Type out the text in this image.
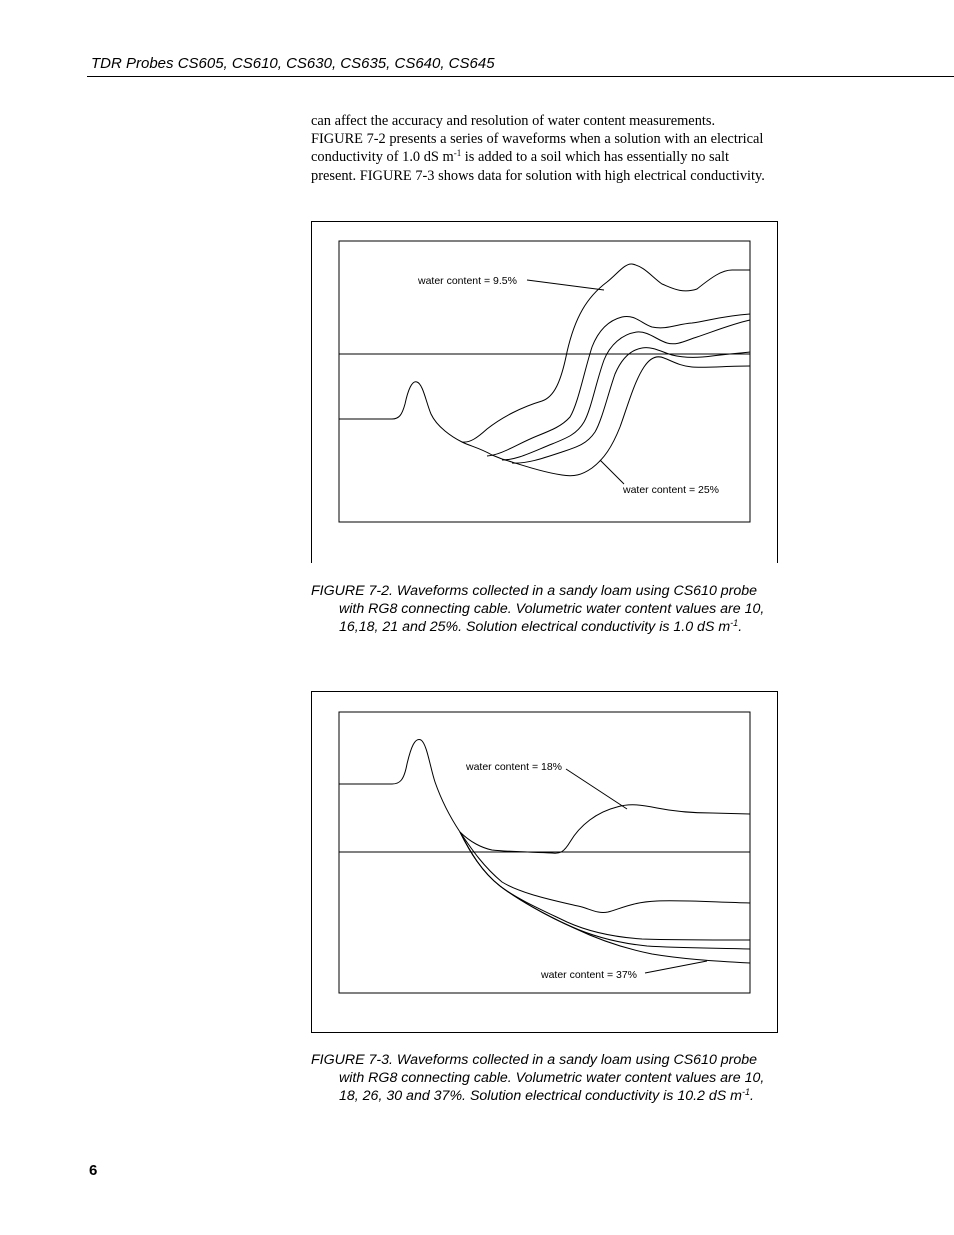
TDR Probes CS605, CS610, CS630, CS635, CS640, CS645

can affect the accuracy and resolution of water content measurements.

FIGURE 7-2 presents a series of waveforms when a solution with an electrical

conductivity of 1.0 dS $m^{-1}$ is added to a soil which has essentially no salt

present. FIGURE 7-3 shows data for solution with high electrical conductivity.

water content = 9.5%
water content = 25%
FIGURE 7-2. Waveforms collected in a sandy loam using CS610 probe
with RG8 connecting cable. Volumetric water content values are 10,
16,18, 21 and 25%. Solution electrical conductivity is 1.0 dS $m^{-1}$.
water content = 18%
water content = 37%
FIGURE 7-3. Waveforms collected in a sandy loam using CS610 probe
with RG8 connecting cable. Volumetric water content values are 10,
18, 26, 30 and 37%. Solution electrical conductivity is 10.2 dS $m^{-1}$.
6
